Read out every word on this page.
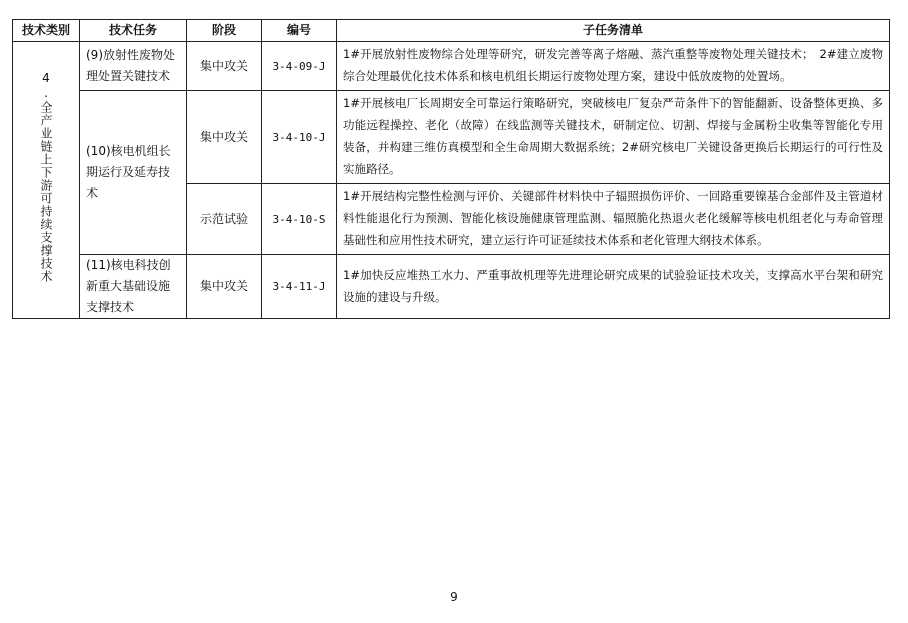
技术类别	技术任务	阶段	编号	子任务清单
4.全产业链上下游可持续支撑技术	(9)放射性废物处理处置关键技术	集中攻关	3-4-09-J	1#开展放射性废物综合处理等研究，研发完善等离子熔融、蒸汽重整等废物处理关键技术；　2#建立废物综合处理最优化技术体系和核电机组长期运行废物处理方案，建设中低放废物的处置场。
	(10)核电机组长期运行及延寿技术	集中攻关	3-4-10-J	1#开展核电厂长周期安全可靠运行策略研究，突破核电厂复杂严苛条件下的智能翻新、设备整体更换、多功能远程操控、老化（故障）在线监测等关键技术，研制定位、切割、焊接与金属粉尘收集等智能化专用装备，并构建三维仿真模型和全生命周期大数据系统；2#研究核电厂关键设备更换后长期运行的可行性及实施路径。
		示范试验	3-4-10-S	1#开展结构完整性检测与评价、关键部件材料快中子辐照损伤评价、一回路重要镍基合金部件及主管道材料性能退化行为预测、智能化核设施健康管理监测、辐照脆化热退火老化缓解等核电机组老化与寿命管理基础性和应用性技术研究，建立运行许可证延续技术体系和老化管理大纲技术体系。
	(11)核电科技创新重大基础设施支撑技术	集中攻关	3-4-11-J	1#加快反应堆热工水力、严重事故机理等先进理论研究成果的试验验证技术攻关，支撑高水平台架和研究设施的建设与升级。
9
